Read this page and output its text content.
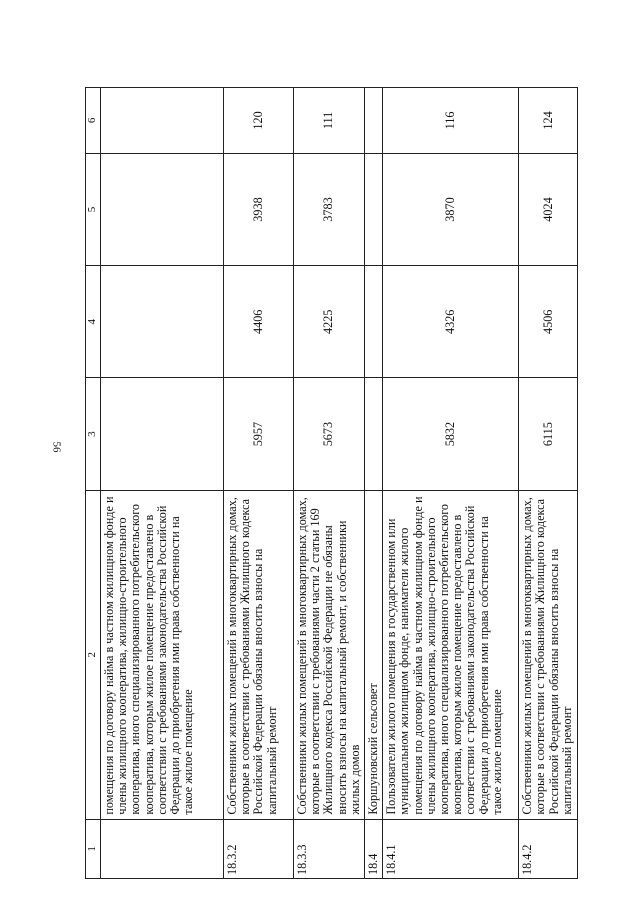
56
1	2	3	4	5	6
	помещения по договору найма в частном жилищном фонде и члены жилищного кооператива, жилищно-строительного кооператива, иного специализированного потребительского кооператива, которым жилое помещение предоставлено в соответствии с требованиями законодательства Российской Федерации до приобретения ими права собственности на такое жилое помещение				
18.3.2	Собственники жилых помещений в многоквартирных домах, которые в соответствии с требованиями Жилищного кодекса Российской Федерации обязаны вносить взносы на капитальный ремонт	5957	4406	3938	120
18.3.3	Собственники жилых помещений в многоквартирных домах, которые в соответствии с требованиями части 2 статьи 169 Жилищного кодекса Российской Федерации не обязаны вносить взносы на капитальный ремонт, и собственники жилых домов	5673	4225	3783	111
18.4	Коршуновский сельсовет				
18.4.1	Пользователи жилого помещения в государственном или муниципальном жилищном фонде, наниматели жилого помещения по договору найма в частном жилищном фонде и члены жилищного кооператива, жилищно-строительного кооператива, иного специализированного потребительского кооператива, которым жилое помещение предоставлено в соответствии с требованиями законодательства Российской Федерации до приобретения ими права собственности на такое жилое помещение	5832	4326	3870	116
18.4.2	Собственники жилых помещений в многоквартирных домах, которые в соответствии с требованиями Жилищного кодекса Российской Федерации обязаны вносить взносы на капитальный ремонт	6115	4506	4024	124
